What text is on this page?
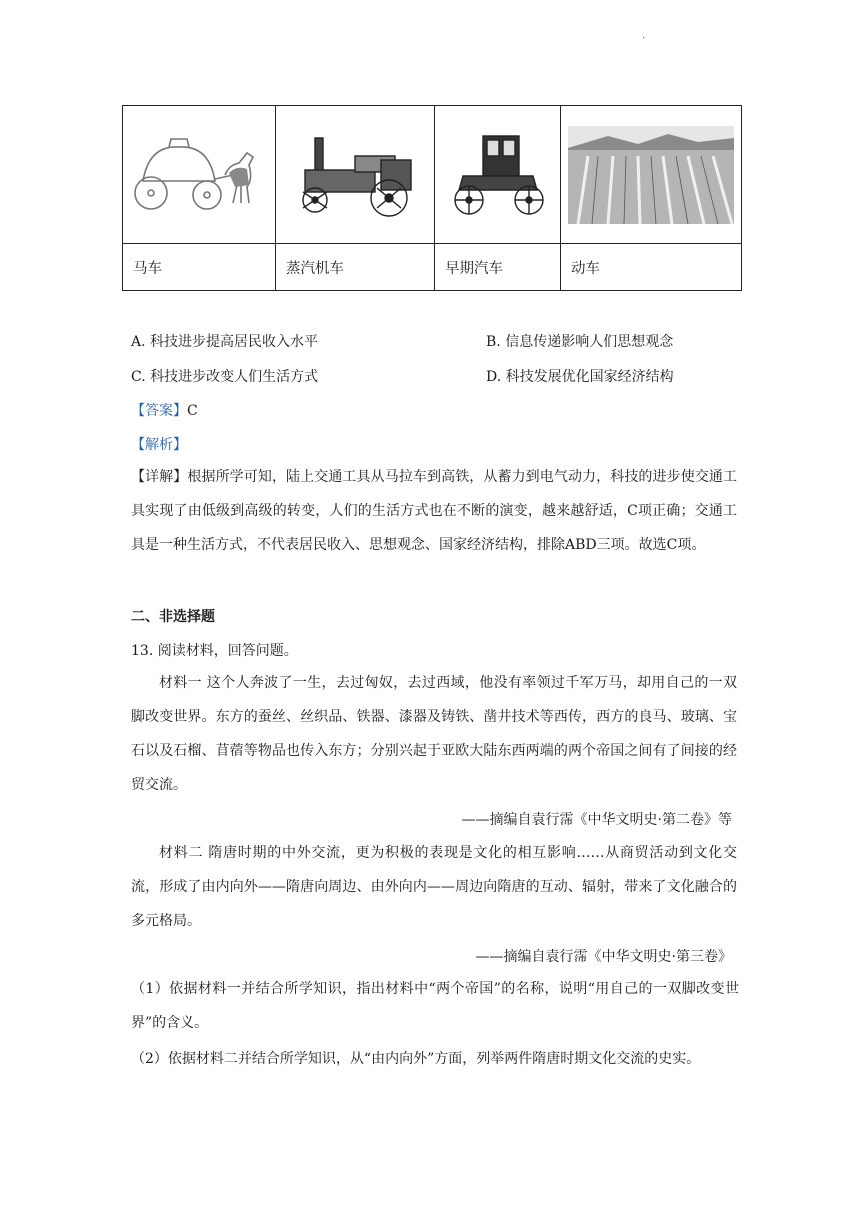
.

马车	蒸汽机车	早期汽车	动车
A. 科技进步提高居民收入水平	B. 信息传递影响人们思想观念
C. 科技进步改变人们生活方式	D. 科技发展优化国家经济结构
【答案】C
【解析】
【详解】根据所学可知，陆上交通工具从马拉车到高铁，从蓄力到电气动力，科技的进步使交通工具实现了由低级到高级的转变，人们的生活方式也在不断的演变，越来越舒适，C项正确；交通工具是一种生活方式，不代表居民收入、思想观念、国家经济结构，排除ABD三项。故选C项。
二、非选择题
13. 阅读材料，回答问题。
材料一 这个人奔波了一生，去过匈奴，去过西域，他没有率领过千军万马，却用自己的一双脚改变世界。东方的蚕丝、丝织品、铁器、漆器及铸铁、凿井技术等西传，西方的良马、玻璃、宝石以及石榴、苜蓿等物品也传入东方；分别兴起于亚欧大陆东西两端的两个帝国之间有了间接的经贸交流。
——摘编自袁行霈《中华文明史·第二卷》等
材料二 隋唐时期的中外交流，更为积极的表现是文化的相互影响……从商贸活动到文化交流，形成了由内向外——隋唐向周边、由外向内——周边向隋唐的互动、辐射，带来了文化融合的多元格局。
——摘编自袁行霈《中华文明史·第三卷》
（1）依据材料一并结合所学知识，指出材料中“两个帝国”的名称，说明“用自己的一双脚改变世界”的含义。
（2）依据材料二并结合所学知识，从“由内向外”方面，列举两件隋唐时期文化交流的史实。
